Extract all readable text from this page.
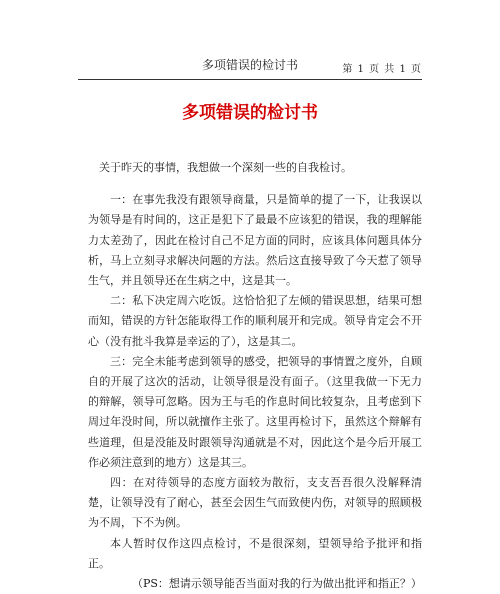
多项错误的检讨书	第 1 页 共 1 页
多项错误的检讨书

关于昨天的事情，我想做一个深刻一些的自我检讨。

一：在事先我没有跟领导商量，只是简单的提了一下，让我误以为领导是有时间的，这正是犯下了最最不应该犯的错误，我的理解能力太差劲了，因此在检讨自己不足方面的同时，应该具体问题具体分析，马上立刻寻求解决问题的方法。然后这直接导致了今天惹了领导生气，并且领导还在生病之中，这是其一。

二：私下决定周六吃饭。这恰恰犯了左倾的错误思想，结果可想而知，错误的方针怎能取得工作的顺利展开和完成。领导肯定会不开心（没有批斗我算是幸运的了），这是其二。

三：完全未能考虑到领导的感受，把领导的事情置之度外，自顾自的开展了这次的活动，让领导很是没有面子。（这里我做一下无力的辩解，领导可忽略。因为王与毛的作息时间比较复杂，且考虑到下周过年没时间，所以就擅作主张了。这里再检讨下，虽然这个辩解有些道理，但是没能及时跟领导沟通就是不对，因此这个是今后开展工作必须注意到的地方）这是其三。

四：在对待领导的态度方面较为散衍，支支吾吾很久没解释清楚，让领导没有了耐心，甚至会因生气而致使内伤，对领导的照顾极为不周，下不为例。

本人暂时仅作这四点检讨，不是很深刻，望领导给予批评和指正。

（PS：想请示领导能否当面对我的行为做出批评和指正？）
